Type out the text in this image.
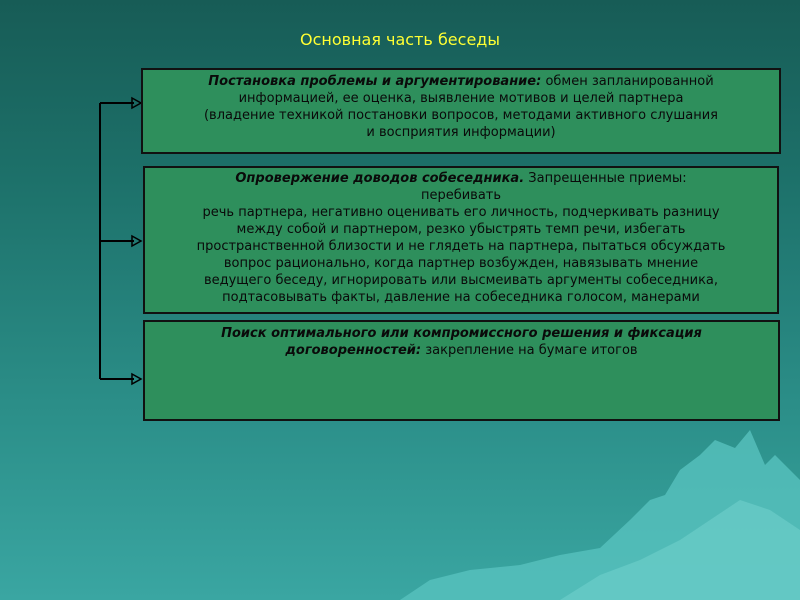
Основная часть беседы
Постановка проблемы и аргументирование: обмен запланированной
информацией, ее оценка, выявление мотивов и целей партнера
(владение техникой постановки вопросов, методами активного слушания
и восприятия информации)
Опровержение доводов собеседника. Запрещенные приемы:
перебивать
речь партнера, негативно оценивать его личность, подчеркивать разницу
между собой и партнером, резко убыстрять темп речи, избегать
пространственной близости и не глядеть на партнера, пытаться обсуждать
вопрос рационально, когда партнер возбужден, навязывать мнение
ведущего беседу, игнорировать или высмеивать аргументы собеседника,
подтасовывать факты, давление на собеседника голосом, манерами
Поиск оптимального или компромиссного решения и фиксация
договоренностей: закрепление на бумаге итогов
